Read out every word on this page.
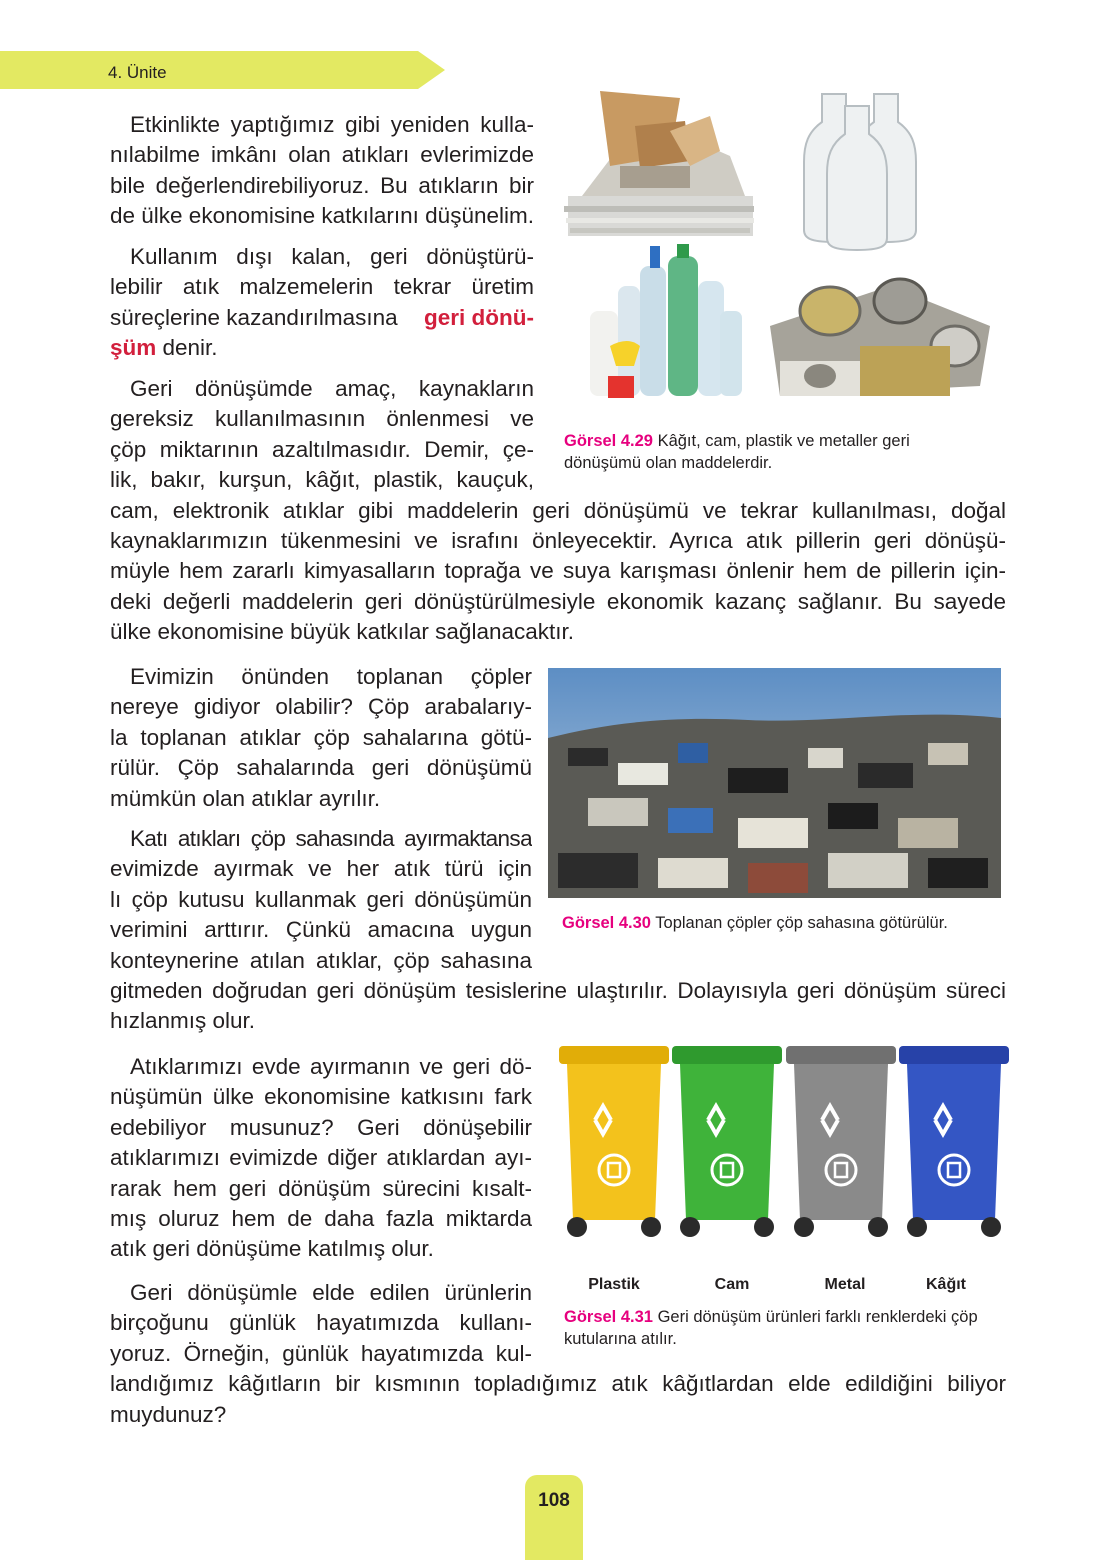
4. Ünite
Etkinlikte yaptığımız gibi yeniden kulla-
nılabilme imkânı olan atıkları evlerimizde
bile değerlendirebiliyoruz. Bu atıkların bir
de ülke ekonomisine katkılarını düşünelim.
Kullanım dışı kalan, geri dönüştürü-
lebilir atık malzemelerin tekrar üretim
süreçlerine kazandırılmasına geri dönü-
şüm denir.
Geri dönüşümde amaç, kaynakların
gereksiz kullanılmasının önlenmesi ve
çöp miktarının azaltılmasıdır. Demir, çe-
lik, bakır, kurşun, kâğıt, plastik, kauçuk,
cam, elektronik atıklar gibi maddelerin geri dönüşümü ve tekrar kullanılması, doğal
kaynaklarımızın tükenmesini ve israfını önleyecektir. Ayrıca atık pillerin geri dönüşü-
müyle hem zararlı kimyasalların toprağa ve suya karışması önlenir hem de pillerin için-
deki değerli maddelerin geri dönüştürülmesiyle ekonomik kazanç sağlanır. Bu sayede
ülke ekonomisine büyük katkılar sağlanacaktır.
Evimizin önünden toplanan çöpler
nereye gidiyor olabilir? Çöp arabalarıy-
la toplanan atıklar çöp sahalarına götü-
rülür. Çöp sahalarında geri dönüşümü
mümkün olan atıklar ayrılır.
Katı atıkları çöp sahasında ayırmaktansa
evimizde ayırmak ve her atık türü için
lı çöp kutusu kullanmak geri dönüşümün
verimini arttırır. Çünkü amacına uygun
konteynerine atılan atıklar, çöp sahasına
gitmeden doğrudan geri dönüşüm tesislerine ulaştırılır. Dolayısıyla geri dönüşüm süreci
hızlanmış olur.
Atıklarımızı evde ayırmanın ve geri dö-
nüşümün ülke ekonomisine katkısını fark
edebiliyor musunuz? Geri dönüşebilir
atıklarımızı evimizde diğer atıklardan ayı-
rarak hem geri dönüşüm sürecini kısalt-
mış oluruz hem de daha fazla miktarda
atık geri dönüşüme katılmış olur.
Geri dönüşümle elde edilen ürünlerin
birçoğunu günlük hayatımızda kullanı-
yoruz. Örneğin, günlük hayatımızda kul-
landığımız kâğıtların bir kısmının topladığımız atık kâğıtlardan elde edildiğini biliyor
muydunuz?
Görsel 4.29 Kâğıt, cam, plastik ve metaller geri
dönüşümü olan maddelerdir.
Görsel 4.30 Toplanan çöpler çöp sahasına götürülür.
Plastik	Cam	Metal	Kâğıt
Görsel 4.31 Geri dönüşüm ürünleri farklı renklerdeki çöp
kutularına atılır.
108
